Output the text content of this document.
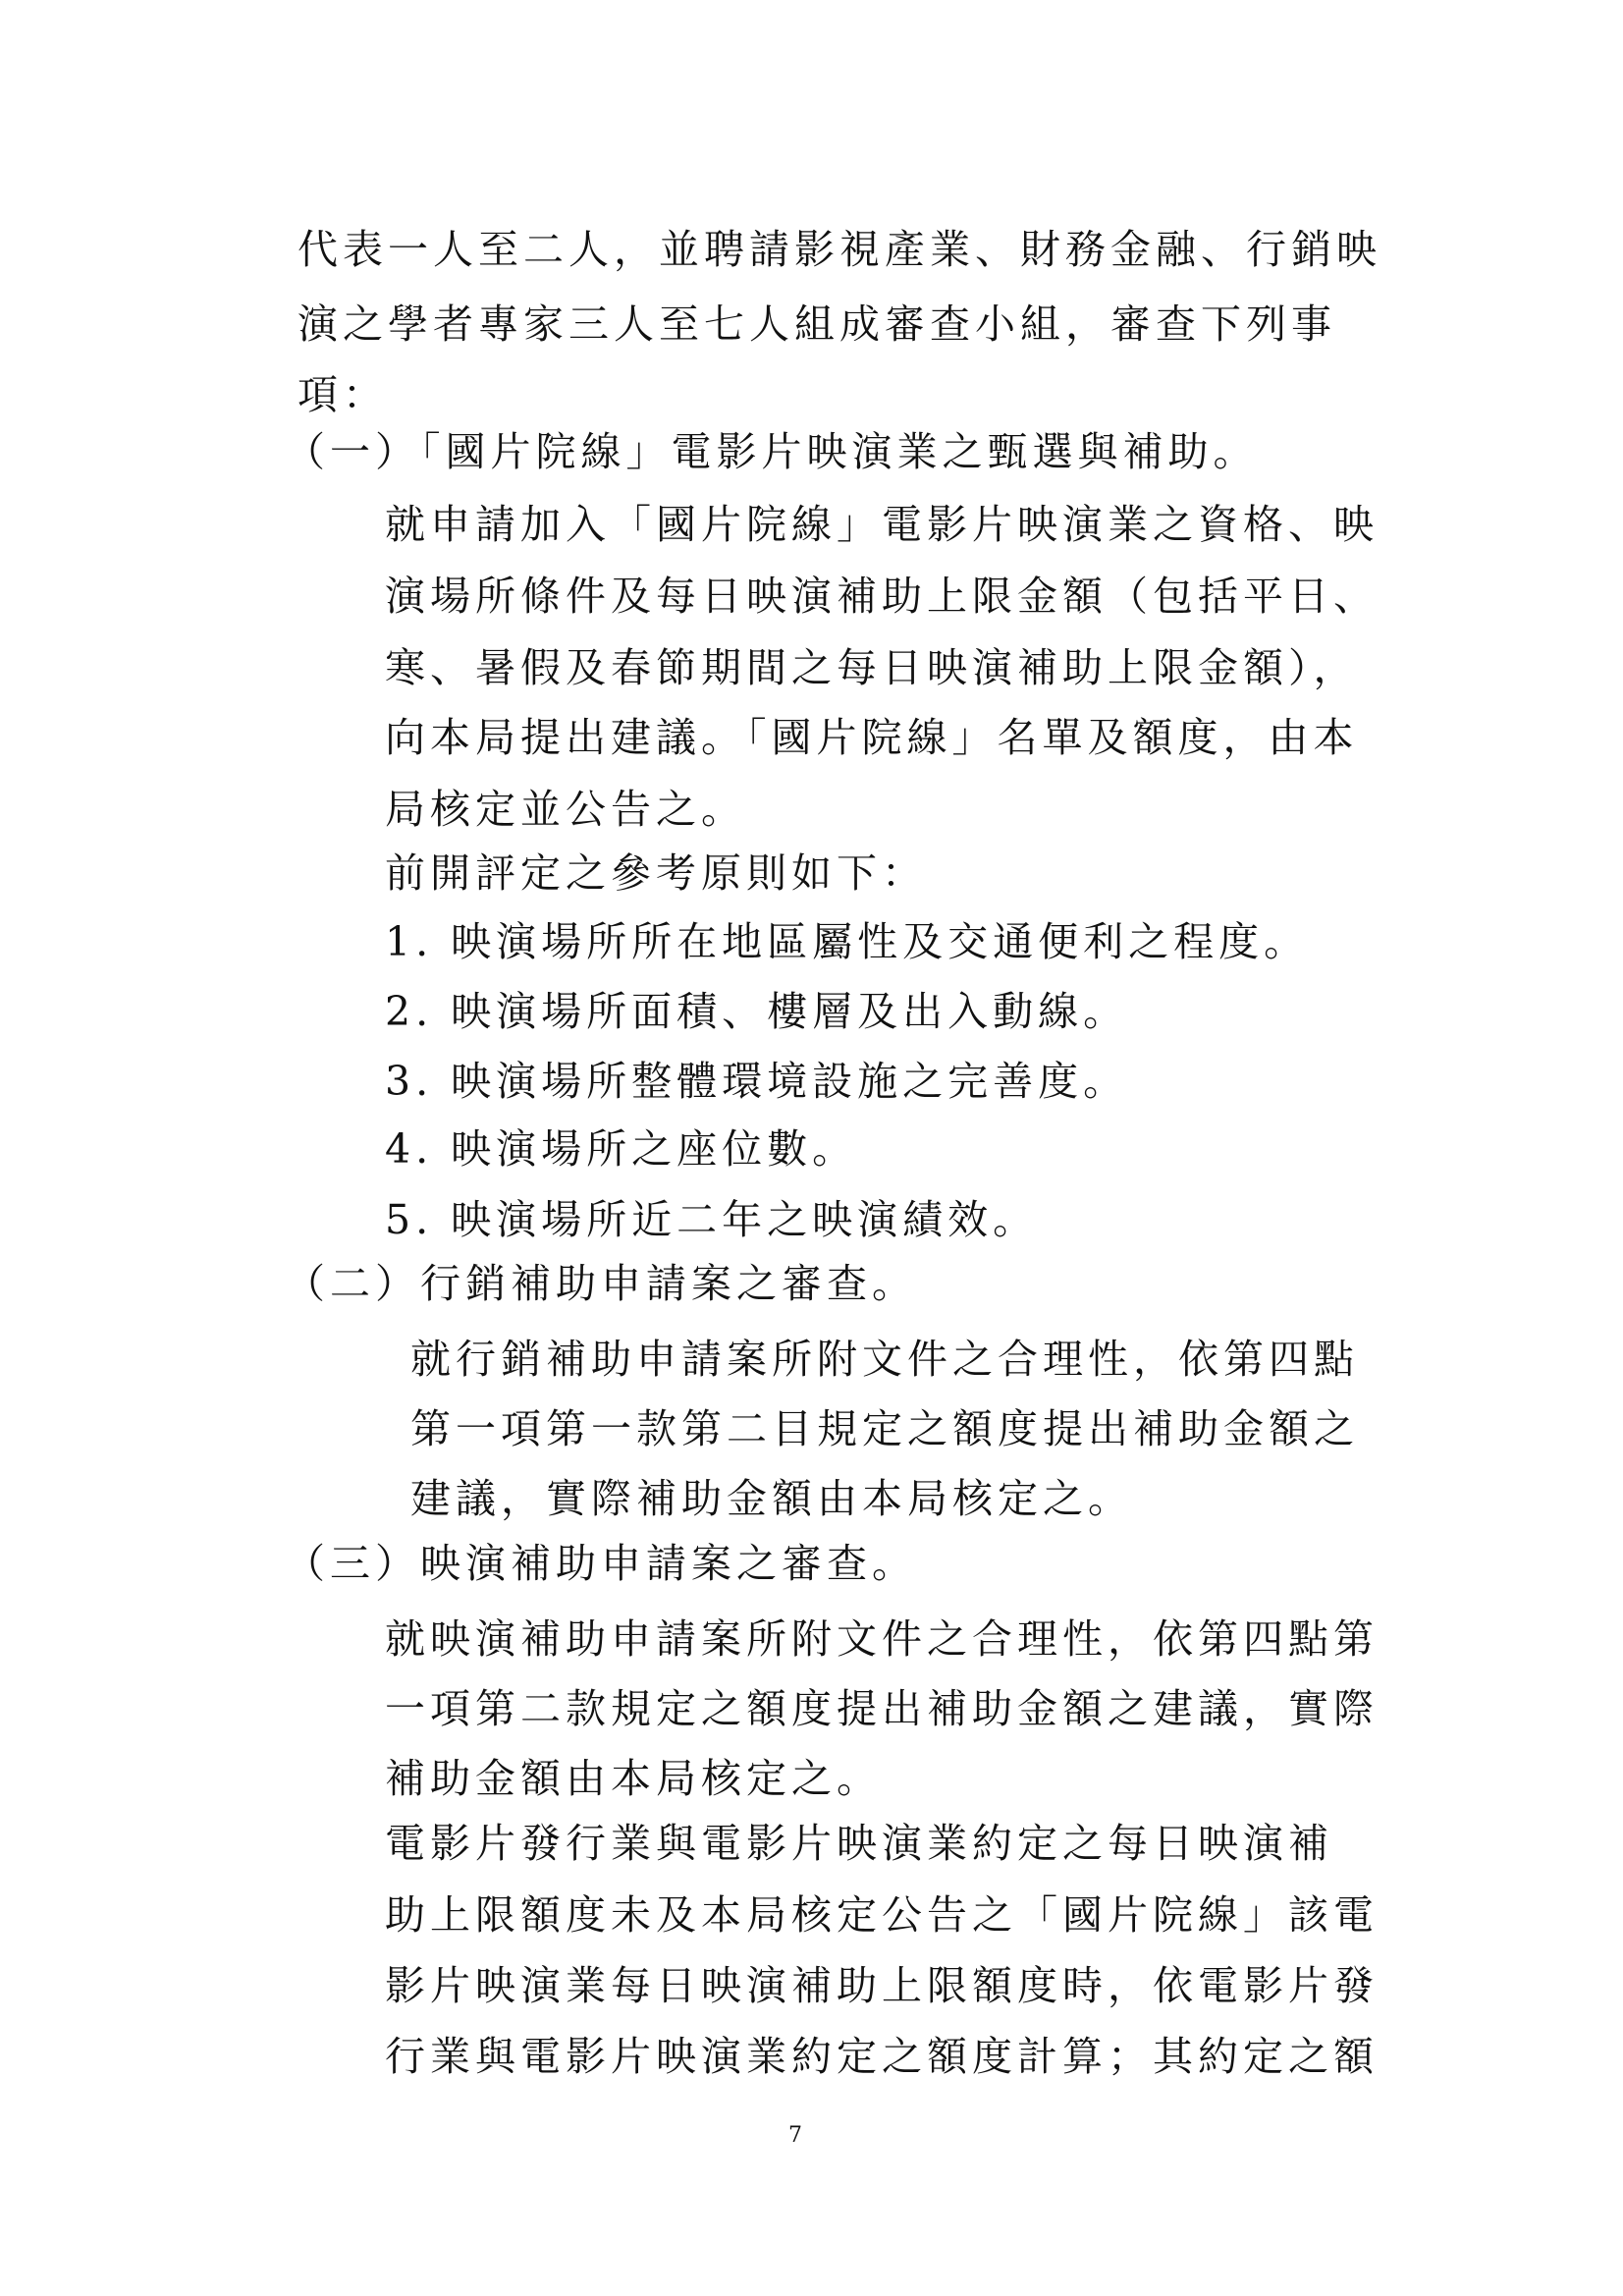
代表一人至二人，並聘請影視產業、財務金融、行銷映
演之學者專家三人至七人組成審查小組，審查下列事
項：
（一）「國片院線」電影片映演業之甄選與補助。
就申請加入「國片院線」電影片映演業之資格、映
演場所條件及每日映演補助上限金額（包括平日、
寒、暑假及春節期間之每日映演補助上限金額），
向本局提出建議。「國片院線」名單及額度，由本
局核定並公告之。
前開評定之參考原則如下：
1. 映演場所所在地區屬性及交通便利之程度。
2. 映演場所面積、樓層及出入動線。
3. 映演場所整體環境設施之完善度。
4. 映演場所之座位數。
5. 映演場所近二年之映演績效。
（二）行銷補助申請案之審查。
就行銷補助申請案所附文件之合理性，依第四點
第一項第一款第二目規定之額度提出補助金額之
建議，實際補助金額由本局核定之。
（三）映演補助申請案之審查。
就映演補助申請案所附文件之合理性，依第四點第
一項第二款規定之額度提出補助金額之建議，實際
補助金額由本局核定之。
電影片發行業與電影片映演業約定之每日映演補
助上限額度未及本局核定公告之「國片院線」該電
影片映演業每日映演補助上限額度時，依電影片發
行業與電影片映演業約定之額度計算；其約定之額
7
